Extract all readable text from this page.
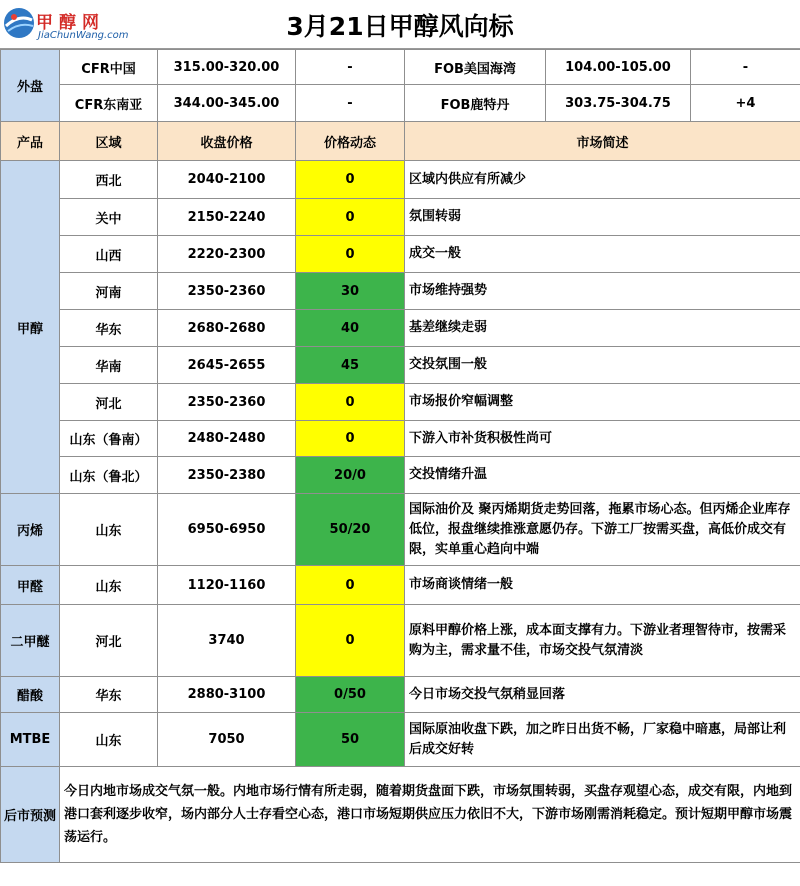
甲醇网
JiaChunWang.com	3月21日甲醇风向标
外盘	CFR中国	315.00-320.00	-	FOB美国海湾	104.00-105.00	-
	CFR东南亚	344.00-345.00	-	FOB鹿特丹	303.75-304.75	+4
产品	区域	收盘价格	价格动态	市场简述		
甲醇	西北	2040-2100	0	区域内供应有所减少		
	关中	2150-2240	0	氛围转弱		
	山西	2220-2300	0	成交一般		
	河南	2350-2360	30	市场维持强势		
	华东	2680-2680	40	基差继续走弱		
	华南	2645-2655	45	交投氛围一般		
	河北	2350-2360	0	市场报价窄幅调整		
	山东（鲁南）	2480-2480	0	下游入市补货积极性尚可		
	山东（鲁北）	2350-2380	20/0	交投情绪升温		
丙烯	山东	6950-6950	50/20	国际油价及 聚丙烯期货走势回落，拖累市场心态。但丙烯企业库存低位，报盘继续推涨意愿仍存。下游工厂按需买盘，高低价成交有限，实单重心趋向中端		
甲醛	山东	1120-1160	0	市场商谈情绪一般		
二甲醚	河北	3740	0	原料甲醇价格上涨，成本面支撑有力。下游业者理智待市，按需采购为主，需求量不佳，市场交投气氛清淡		
醋酸	华东	2880-3100	0/50	今日市场交投气氛稍显回落		
MTBE	山东	7050	50	国际原油收盘下跌，加之昨日出货不畅，厂家稳中暗惠，局部让利后成交好转		
后市预测	今日内地市场成交气氛一般。内地市场行情有所走弱，随着期货盘面下跌，市场氛围转弱，买盘存观望心态，成交有限，内地到港口套利逐步收窄，场内部分人士存看空心态，港口市场短期供应压力依旧不大，下游市场刚需消耗稳定。预计短期甲醇市场震荡运行。					
